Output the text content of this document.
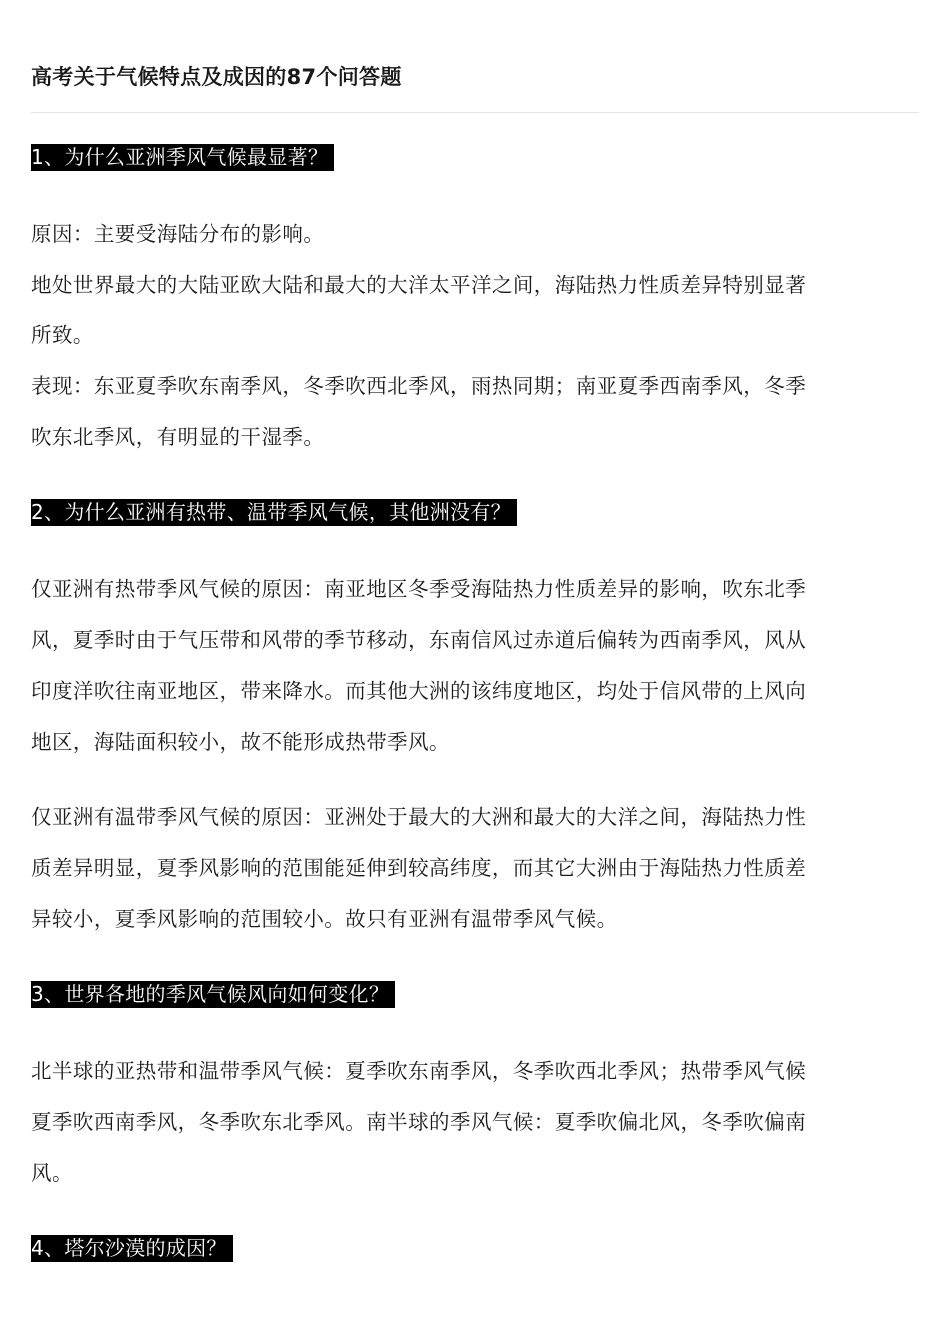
高考关于气候特点及成因的87个问答题
1、为什么亚洲季风气候最显著？
原因：主要受海陆分布的影响。
地处世界最大的大陆亚欧大陆和最大的大洋太平洋之间，海陆热力性质差异特别显著
所致。
表现：东亚夏季吹东南季风，冬季吹西北季风，雨热同期；南亚夏季西南季风，冬季
吹东北季风，有明显的干湿季。
2、为什么亚洲有热带、温带季风气候，其他洲没有？
仅亚洲有热带季风气候的原因：南亚地区冬季受海陆热力性质差异的影响，吹东北季
风，夏季时由于气压带和风带的季节移动，东南信风过赤道后偏转为西南季风，风从
印度洋吹往南亚地区，带来降水。而其他大洲的该纬度地区，均处于信风带的上风向
地区，海陆面积较小，故不能形成热带季风。
仅亚洲有温带季风气候的原因：亚洲处于最大的大洲和最大的大洋之间，海陆热力性
质差异明显，夏季风影响的范围能延伸到较高纬度，而其它大洲由于海陆热力性质差
异较小，夏季风影响的范围较小。故只有亚洲有温带季风气候。
3、世界各地的季风气候风向如何变化？
北半球的亚热带和温带季风气候：夏季吹东南季风，冬季吹西北季风；热带季风气候
夏季吹西南季风，冬季吹东北季风。南半球的季风气候：夏季吹偏北风，冬季吹偏南
风。
4、塔尔沙漠的成因？
